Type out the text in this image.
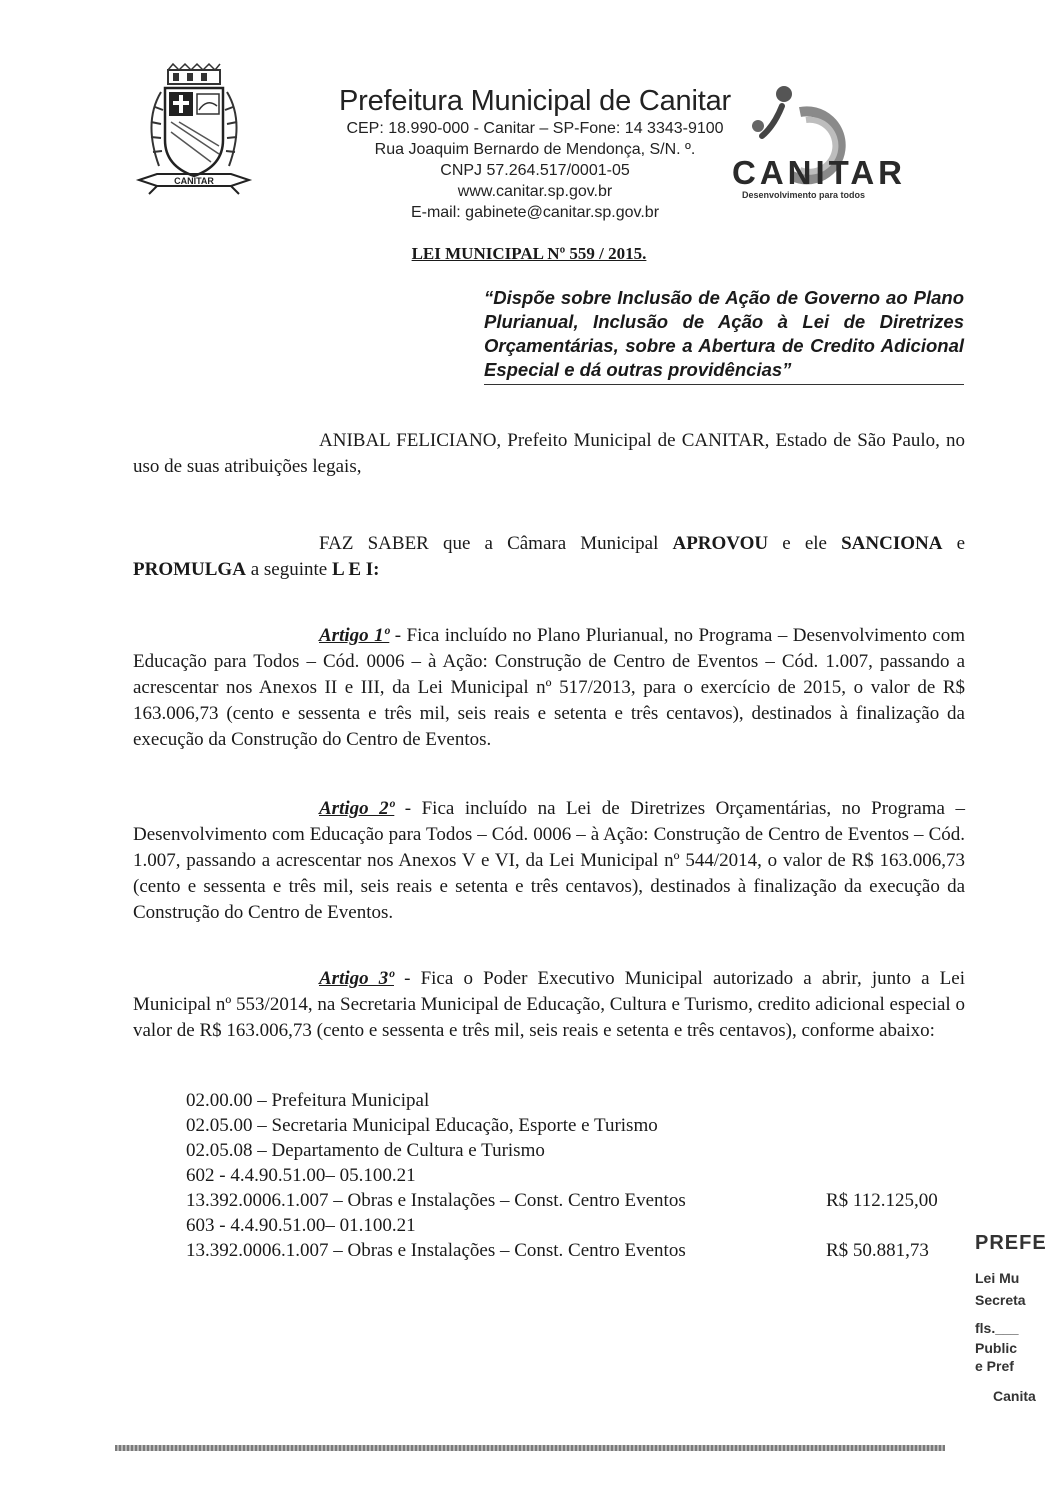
CANITAR
Prefeitura Municipal de Canitar
CEP: 18.990-000 - Canitar – SP-Fone: 14 3343-9100
Rua Joaquim Bernardo de Mendonça, S/N. º.
CNPJ 57.264.517/0001-05
www.canitar.sp.gov.br
E-mail: gabinete@canitar.sp.gov.br
CANITAR
Desenvolvimento para todos
LEI MUNICIPAL Nº 559 / 2015.
“Dispõe sobre Inclusão de Ação de Governo ao Plano Plurianual, Inclusão de Ação à Lei de Diretrizes Orçamentárias, sobre a Abertura de Credito Adicional Especial e dá outras providências”
ANIBAL FELICIANO, Prefeito Municipal de CANITAR, Estado de São Paulo, no uso de suas atribuições legais,
FAZ SABER que a Câmara Municipal APROVOU e ele SANCIONA e PROMULGA a seguinte L E I:
Artigo 1º - Fica incluído no Plano Plurianual, no Programa – Desenvolvimento com Educação para Todos – Cód. 0006 – à Ação: Construção de Centro de Eventos – Cód. 1.007, passando a acrescentar nos Anexos II e III, da Lei Municipal nº 517/2013, para o exercício de 2015, o valor de R$ 163.006,73 (cento e sessenta e três mil, seis reais e setenta e três centavos), destinados à finalização da execução da Construção do Centro de Eventos.
Artigo 2º - Fica incluído na Lei de Diretrizes Orçamentárias, no Programa – Desenvolvimento com Educação para Todos – Cód. 0006 – à Ação: Construção de Centro de Eventos – Cód. 1.007, passando a acrescentar nos Anexos V e VI, da Lei Municipal nº 544/2014, o valor de R$ 163.006,73 (cento e sessenta e três mil, seis reais e setenta e três centavos), destinados à finalização da execução da Construção do Centro de Eventos.
Artigo 3º - Fica o Poder Executivo Municipal autorizado a abrir, junto a Lei Municipal nº 553/2014, na Secretaria Municipal de Educação, Cultura e Turismo, credito adicional especial o valor de R$ 163.006,73 (cento e sessenta e três mil, seis reais e setenta e três centavos), conforme abaixo:
02.00.00 – Prefeitura Municipal
02.05.00 – Secretaria Municipal Educação, Esporte e Turismo
02.05.08 – Departamento de Cultura e Turismo
602 - 4.4.90.51.00– 05.100.21
13.392.0006.1.007 – Obras e Instalações – Const. Centro Eventos	R$ 112.125,00
603 - 4.4.90.51.00– 01.100.21
13.392.0006.1.007 – Obras e Instalações – Const. Centro Eventos	R$ 50.881,73	PREFE
Lei Mu
Secreta
fls.___
Public
e Pref
Canita
